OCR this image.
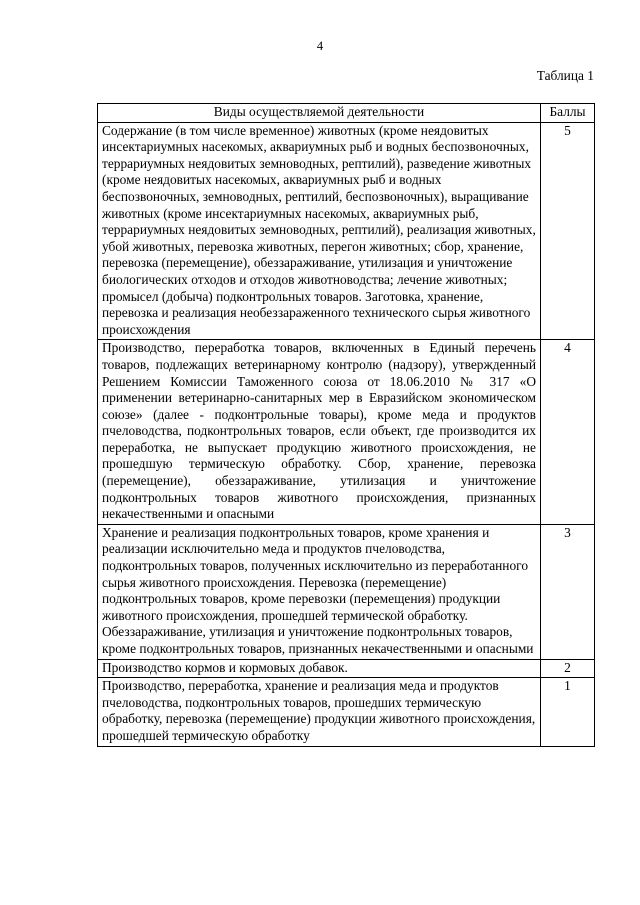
4
Таблица 1
Виды осуществляемой деятельности	Баллы

Содержание (в том числе временное) животных (кроме неядовитых инсектариумных насекомых, аквариумных рыб и водных беспозвоночных, террариумных неядовитых земноводных, рептилий), разведение животных (кроме неядовитых насекомых, аквариумных рыб и водных беспозвоночных, земноводных, рептилий, беспозвоночных), выращивание животных (кроме инсектариумных насекомых, аквариумных рыб, террариумных неядовитых земноводных, рептилий), реализация животных, убой животных, перевозка животных, перегон животных; сбор, хранение, перевозка (перемещение), обеззараживание, утилизация и уничтожение биологических отходов и отходов животноводства; лечение животных; промысел (добыча) подконтрольных товаров. Заготовка, хранение, перевозка и реализация необеззараженного технического сырья животного происхождения	5

Производство, переработка товаров, включенных в Единый перечень товаров, подлежащих ветеринарному контролю (надзору), утвержденный Решением Комиссии Таможенного союза от 18.06.2010 № 317 «О применении ветеринарно-санитарных мер в Евразийском экономическом союзе» (далее - подконтрольные товары), кроме меда и продуктов пчеловодства, подконтрольных товаров, если объект, где производится их переработка, не выпускает продукцию животного происхождения, не прошедшую термическую обработку. Сбор, хранение, перевозка (перемещение), обеззараживание, утилизация и уничтожение подконтрольных товаров животного происхождения, признанных некачественными и опасными	4

Хранение и реализация подконтрольных товаров, кроме хранения и реализации исключительно меда и продуктов пчеловодства, подконтрольных товаров, полученных исключительно из переработанного сырья животного происхождения. Перевозка (перемещение) подконтрольных товаров, кроме перевозки (перемещения) продукции животного происхождения, прошедшей термической обработку.
Обеззараживание, утилизация и уничтожение подконтрольных товаров, кроме подконтрольных товаров, признанных некачественными и опасными	3

Производство кормов и кормовых добавок.	2

Производство, переработка, хранение и реализация меда и продуктов пчеловодства, подконтрольных товаров, прошедших термическую обработку, перевозка (перемещение) продукции животного происхождения, прошедшей термическую обработку	1
